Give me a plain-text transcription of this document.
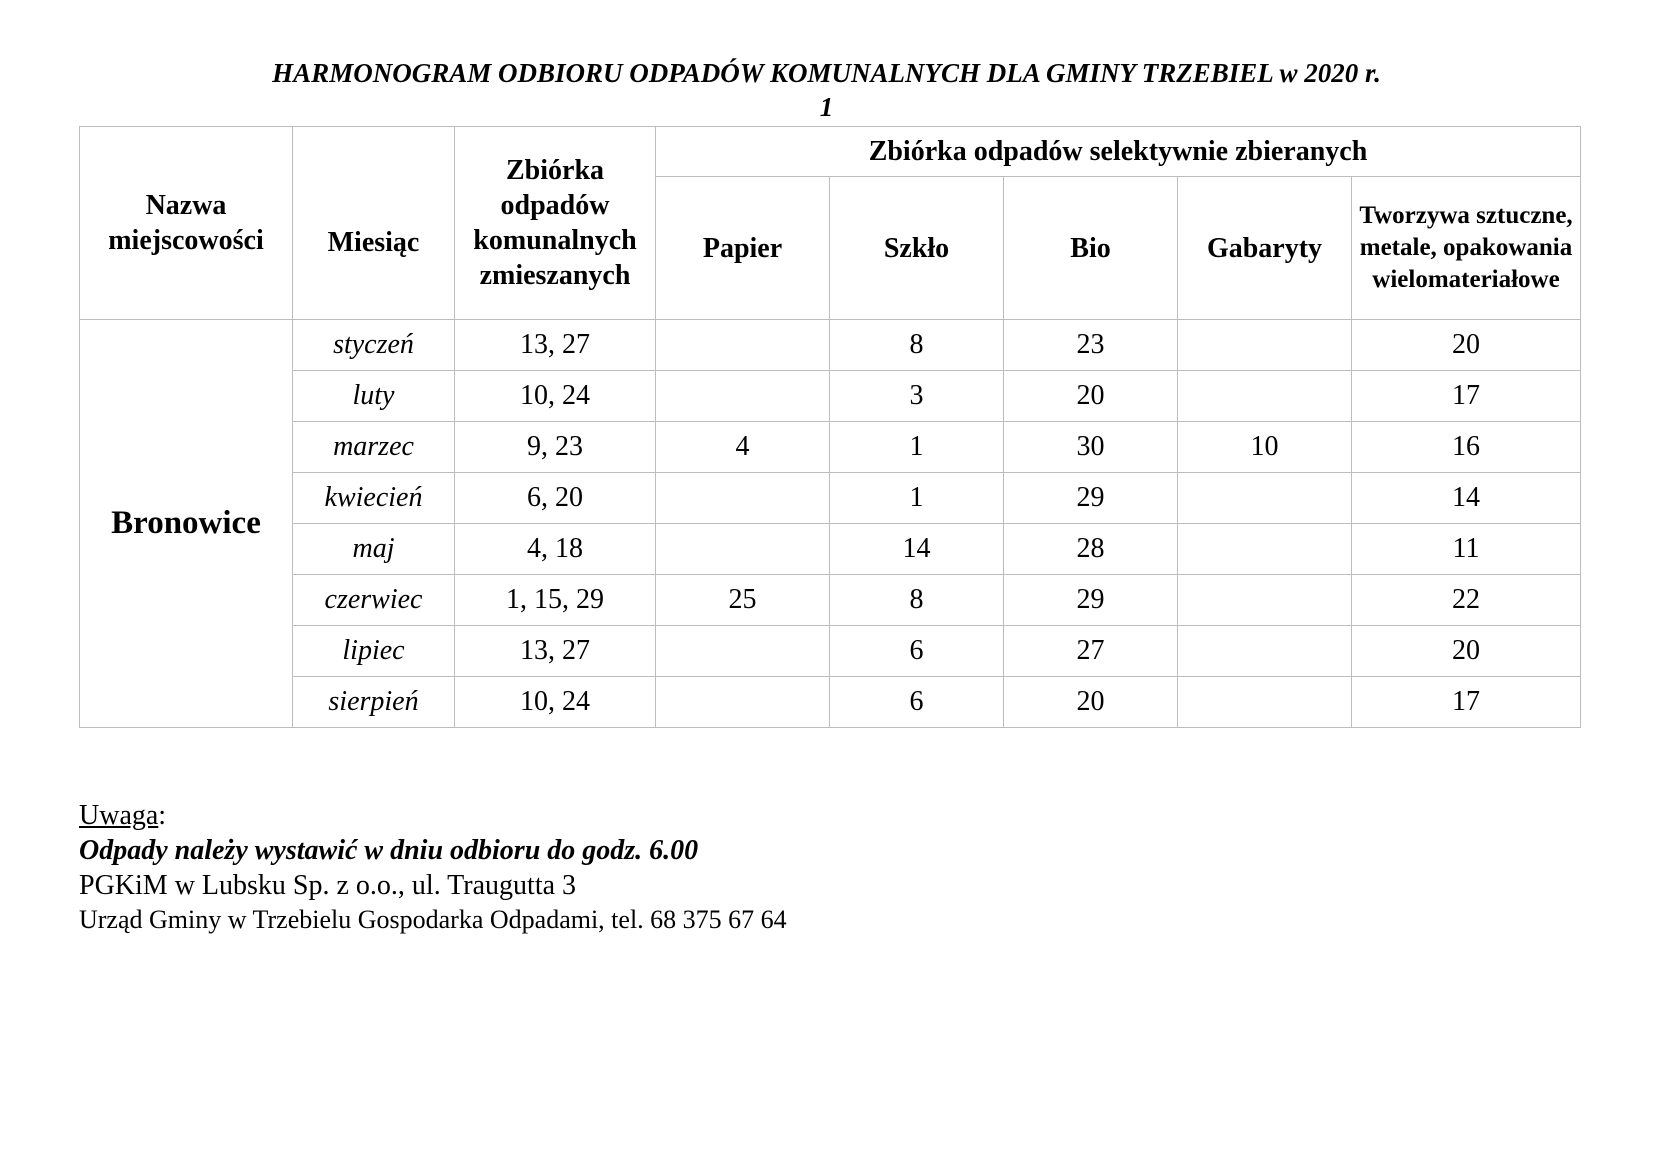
HARMONOGRAM ODBIORU ODPADÓW KOMUNALNYCH DLA GMINY TRZEBIEL w 2020 r.
1
Nazwa miejscowości	Miesiąc	Zbiórka odpadów komunalnych zmieszanych	Zbiórka odpadów selektywnie zbieranych				
			Papier	Szkło	Bio	Gabaryty	Tworzywa sztuczne, metale, opakowania wielomateriałowe
Bronowice	styczeń	13, 27		8	23		20
	luty	10, 24		3	20		17
	marzec	9, 23	4	1	30	10	16
	kwiecień	6, 20		1	29		14
	maj	4, 18		14	28		11
	czerwiec	1, 15, 29	25	8	29		22
	lipiec	13, 27		6	27		20
	sierpień	10, 24		6	20		17
Uwaga:
Odpady należy wystawić w dniu odbioru do godz. 6.00
PGKiM w Lubsku Sp. z o.o., ul. Traugutta 3
Urząd Gminy w Trzebielu Gospodarka Odpadami, tel. 68 375 67 64
